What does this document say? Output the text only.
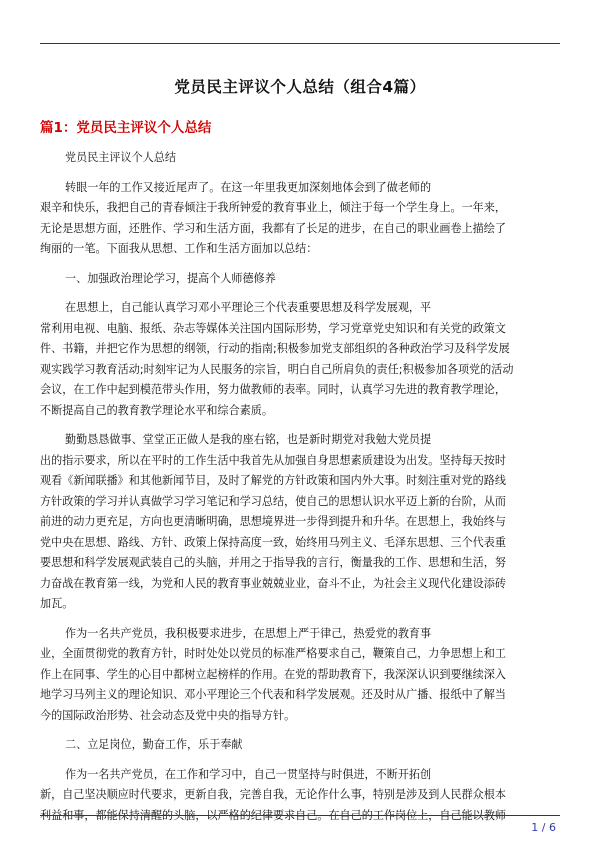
党员民主评议个人总结（组合4篇）
篇1：党员民主评议个人总结

党员民主评议个人总结

转眼一年的工作又接近尾声了。在这一年里我更加深刻地体会到了做老师的
艰辛和快乐，我把自己的青春倾注于我所钟爱的教育事业上，倾注于每一个学生身上。一年来，
无论是思想方面，还胜作、学习和生活方面，我都有了长足的进步，在自己的职业画卷上描绘了
绚丽的一笔。下面我从思想、工作和生活方面加以总结：

一、加强政治理论学习，提高个人师德修养

在思想上，自己能认真学习邓小平理论三个代表重要思想及科学发展观，平
常利用电视、电脑、报纸、杂志等媒体关注国内国际形势，学习党章党史知识和有关党的政策文
件、书籍，并把它作为思想的纲领，行动的指南;积极参加党支部组织的各种政治学习及科学发展
观实践学习教育活动;时刻牢记为人民服务的宗旨，明白自己所肩负的责任;积极参加各项党的活动
会议，在工作中起到模范带头作用，努力做教师的表率。同时，认真学习先进的教育教学理论，
不断提高自己的教育教学理论水平和综合素质。

勤勤恳恳做事、堂堂正正做人是我的座右铭，也是新时期党对我勉大党员提
出的指示要求，所以在平时的工作生活中我首先从加强自身思想素质建设为出发。坚持每天按时
观看《新闻联播》和其他新闻节目，及时了解党的方针政策和国内外大事。时刻注重对党的路线
方针政策的学习并认真做学习学习笔记和学习总结，使自己的思想认识水平迈上新的台阶，从而
前进的动力更充足，方向也更清晰明确，思想境界进一步得到提升和升华。在思想上，我始终与
党中央在思想、路线、方针、政策上保持高度一致，始终用马列主义、毛泽东思想、三个代表重
要思想和科学发展观武装自己的头脑，并用之于指导我的言行，衡量我的工作、思想和生活，努
力奋战在教育第一线，为党和人民的教育事业兢兢业业，奋斗不止，为社会主义现代化建设添砖
加瓦。

作为一名共产党员，我积极要求进步，在思想上严于律己，热爱党的教育事
业，全面贯彻党的教育方针，时时处处以党员的标准严格要求自己，鞭策自己，力争思想上和工
作上在同事、学生的心目中都树立起榜样的作用。在党的帮助教育下，我深深认识到要继续深入
地学习马列主义的理论知识、邓小平理论三个代表和科学发展观。还及时从广播、报纸中了解当
今的国际政治形势、社会动态及党中央的指导方针。

二、立足岗位，勤奋工作，乐于奉献

作为一名共产党员，在工作和学习中，自己一贯坚持与时俱进，不断开拓创
新，自己坚决顺应时代要求，更新自我，完善自我，无论作什么事，特别是涉及到人民群众根本
利益和事，都能保持清醒的头脑，以严格的纪律要求自己。在自己的工作岗位上，自己能以教师

1 / 6
